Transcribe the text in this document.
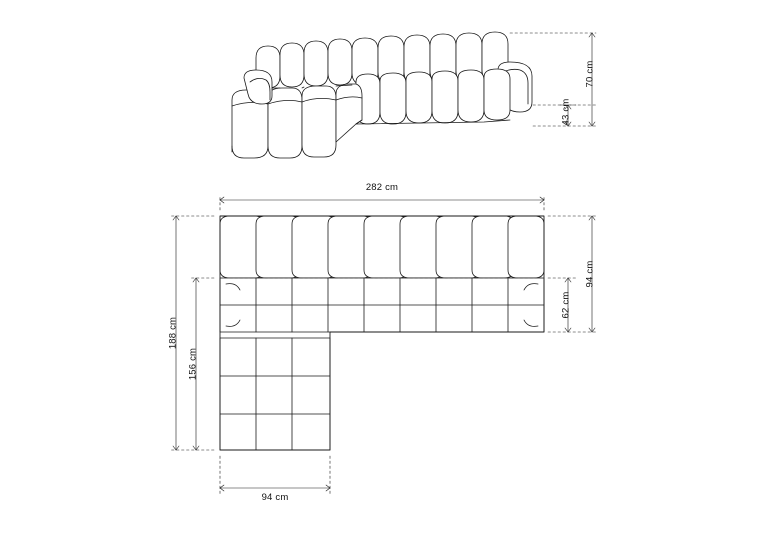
70 cm
43 cm
282 cm
188 cm
156 cm
94 cm
62 cm
94 cm
